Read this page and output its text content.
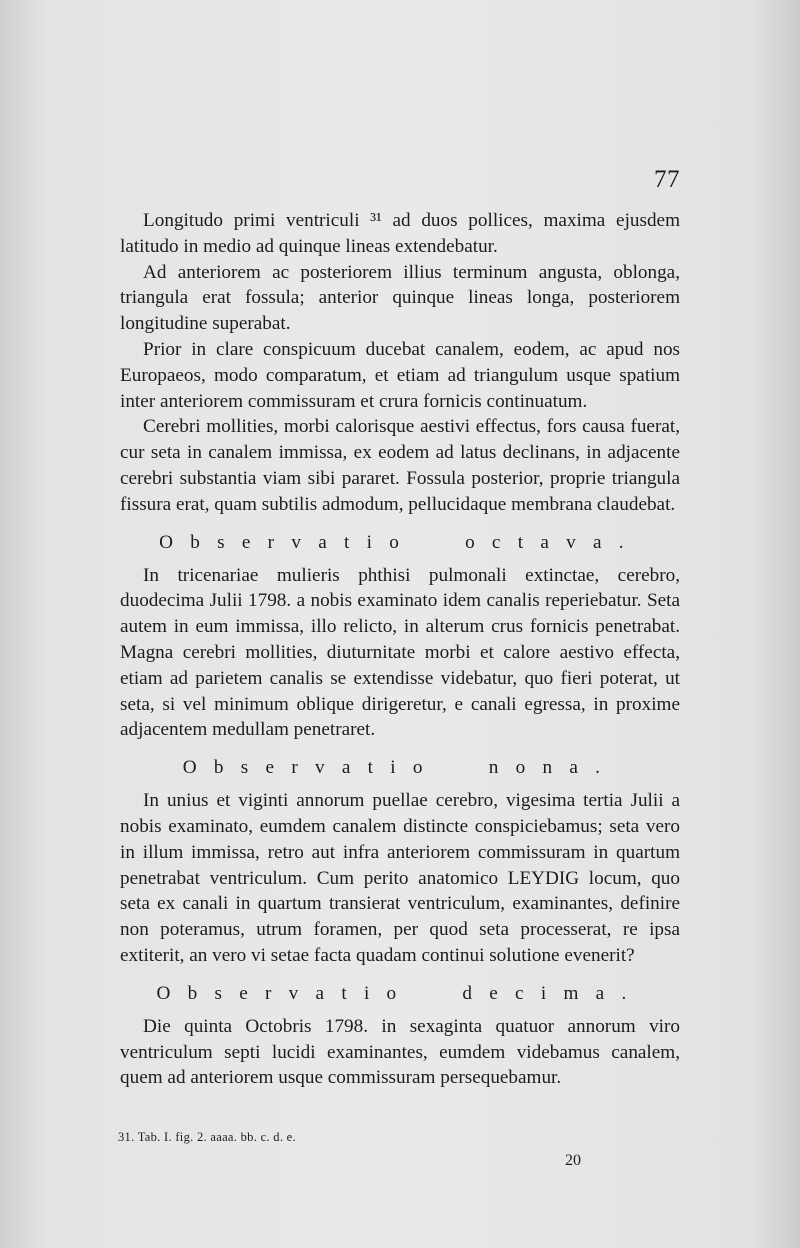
77

Longitudo primi ventriculi ³¹ ad duos pollices, maxima ejusdem latitudo in medio ad quinque lineas extendebatur.

Ad anteriorem ac posteriorem illius terminum angusta, oblonga, triangula erat fossula; anterior quinque lineas longa, posteriorem longitudine superabat.

Prior in clare conspicuum ducebat canalem, eodem, ac apud nos Europaeos, modo comparatum, et etiam ad triangulum usque spatium inter anteriorem commissuram et crura fornicis continuatum.

Cerebri mollities, morbi calorisque aestivi effectus, fors causa fuerat, cur seta in canalem immissa, ex eodem ad latus declinans, in adjacente cerebri substantia viam sibi pararet. Fossula posterior, proprie triangula fissura erat, quam subtilis admodum, pellucidaque membrana claudebat.

Observatio	octava.

In tricenariae mulieris phthisi pulmonali extinctae, cerebro, duodecima Julii 1798. a nobis examinato idem canalis reperiebatur. Seta autem in eum immissa, illo relicto, in alterum crus fornicis penetrabat. Magna cerebri mollities, diuturnitate morbi et calore aestivo effecta, etiam ad parietem canalis se extendisse videbatur, quo fieri poterat, ut seta, si vel minimum oblique dirigeretur, e canali egressa, in proxime adjacentem medullam penetraret.

Observatio	nona.

In unius et viginti annorum puellae cerebro, vigesima tertia Julii a nobis examinato, eumdem canalem distincte conspiciebamus; seta vero in illum immissa, retro aut infra anteriorem commissuram in quartum penetrabat ventriculum. Cum perito anatomico LEYDIG locum, quo seta ex canali in quartum transierat ventriculum, examinantes, definire non poteramus, utrum foramen, per quod seta processerat, re ipsa extiterit, an vero vi setae facta quadam continui solutione evenerit?

Observatio	decima.

Die quinta Octobris 1798. in sexaginta quatuor annorum viro ventriculum septi lucidi examinantes, eumdem videbamus canalem, quem ad anteriorem usque commissuram persequebamur.

31. Tab. I. fig. 2. aaaa. bb. c. d. e.
20
